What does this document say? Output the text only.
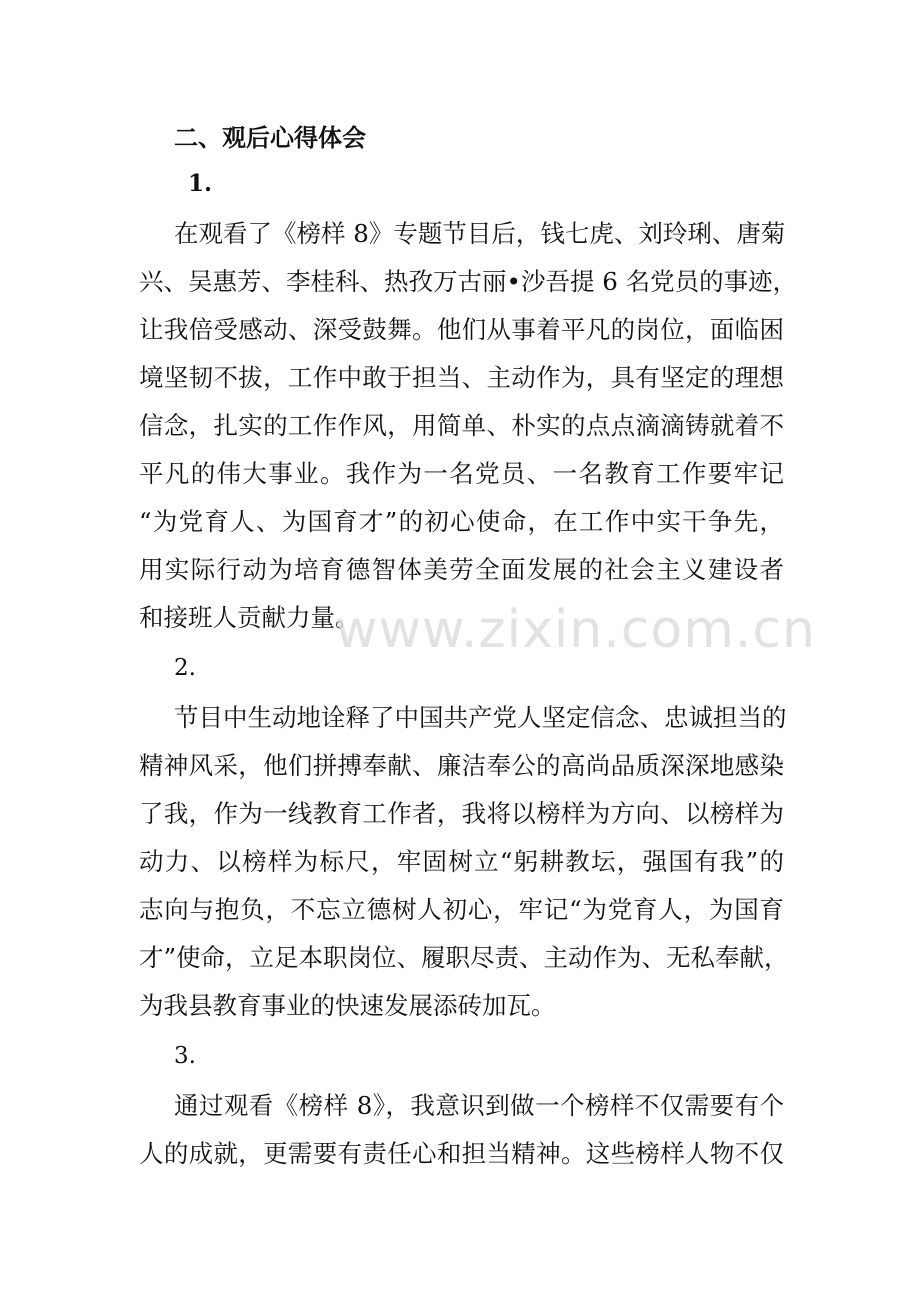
二、观后心得体会
1.
在观看了《榜样 8》专题节目后，钱七虎、刘玲琍、唐菊
兴、吴惠芳、李桂科、热孜万古丽•沙吾提 6 名党员的事迹，
让我倍受感动、深受鼓舞。他们从事着平凡的岗位，面临困
境坚韧不拔，工作中敢于担当、主动作为，具有坚定的理想
信念，扎实的工作作风，用简单、朴实的点点滴滴铸就着不
平凡的伟大事业。我作为一名党员、一名教育工作要牢记
“为党育人、为国育才”的初心使命，在工作中实干争先，
用实际行动为培育德智体美劳全面发展的社会主义建设者
和接班人贡献力量。
2.
节目中生动地诠释了中国共产党人坚定信念、忠诚担当的
精神风采，他们拼搏奉献、廉洁奉公的高尚品质深深地感染
了我，作为一线教育工作者，我将以榜样为方向、以榜样为
动力、以榜样为标尺，牢固树立“躬耕教坛，强国有我”的
志向与抱负，不忘立德树人初心，牢记“为党育人，为国育
才”使命，立足本职岗位、履职尽责、主动作为、无私奉献，
为我县教育事业的快速发展添砖加瓦。
3.
通过观看《榜样 8》，我意识到做一个榜样不仅需要有个
人的成就，更需要有责任心和担当精神。这些榜样人物不仅
www.zixin.com.cn
